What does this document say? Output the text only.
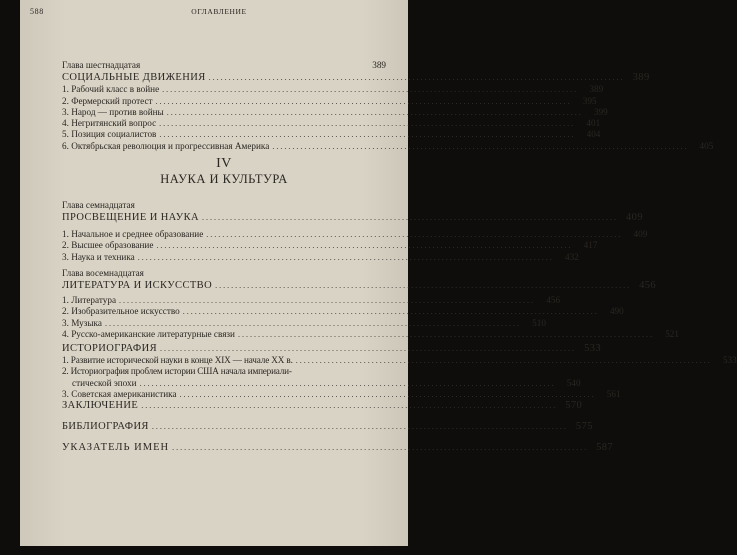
588	ОГЛАВЛЕНИЕ
Глава шестнадцатая	389
СОЦИАЛЬНЫЕ ДВИЖЕНИЯ ........................................................................................................ 389
1. Рабочий класс в войне ........................................................................................................	389
2. Фермерский протест ........................................................................................................	395
3. Народ — против войны ........................................................................................................	399
4. Негритянский вопрос ........................................................................................................	401
5. Позиция социалистов ........................................................................................................	404
6. Октябрьская революция и прогрессивная Америка ........................................................................................................	405
IV
НАУКА И КУЛЬТУРА
Глава семнадцатая
ПРОСВЕЩЕНИЕ И НАУКА ........................................................................................................ 409
1. Начальное и среднее образование ........................................................................................................	409
2. Высшее образование ........................................................................................................	417
3. Наука и техника ........................................................................................................	432
Глава восемнадцатая
ЛИТЕРАТУРА И ИСКУССТВО ........................................................................................................ 456
1. Литература ........................................................................................................	456
2. Изобразительное искусство ........................................................................................................	490
3. Музыка ........................................................................................................	510
4. Русско-американские литературные связи ........................................................................................................	521
ИСТОРИОГРАФИЯ ........................................................................................................ 533
1. Развитие исторической науки в конце XIX — начале XX в. ........................................................................................................	533
2. Историография проблем истории США начала империали-
стической эпохи ........................................................................................................	540
3. Советская американистика ........................................................................................................	561
ЗАКЛЮЧЕНИЕ ........................................................................................................ 570
БИБЛИОГРАФИЯ ........................................................................................................ 575
УКАЗАТЕЛЬ ИМЕН ........................................................................................................ 587
